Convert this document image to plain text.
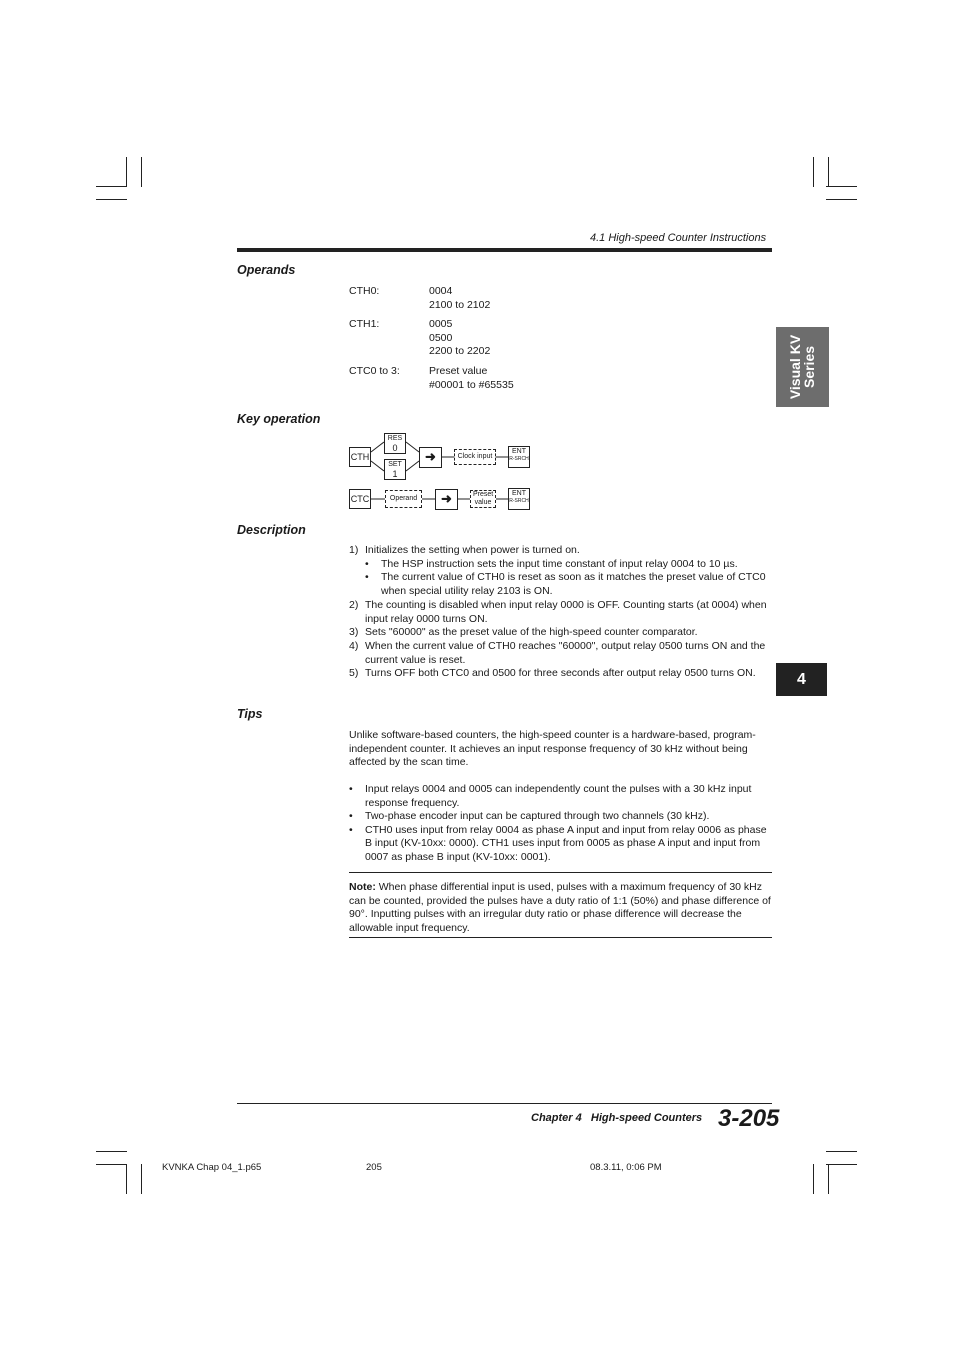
4.1 High-speed Counter Instructions
Operands
CTH0:	0004
2100 to 2102
CTH1:	0005
0500
2200 to 2202
CTC0 to 3:	Preset value
#00001 to #65535
Key operation
CTH
RES
0
SET
1
➜	Clock input
ENT
R-SRCH
CTC	Operand	➜	Preset value
ENT
R-SRCH
Description
1) Initializes the setting when power is turned on.
• The HSP instruction sets the input time constant of input relay 0004 to 10 µs.
• The current value of CTH0 is reset as soon as it matches the preset value of CTC0 when special utility relay 2103 is ON.
2) The counting is disabled when input relay 0000 is OFF. Counting starts (at 0004) when input relay 0000 turns ON.
3) Sets "60000" as the preset value of the high-speed counter comparator.
4) When the current value of CTH0 reaches "60000", output relay 0500 turns ON and the current value is reset.
5) Turns OFF both CTC0 and 0500 for three seconds after output relay 0500 turns ON.
Tips
Unlike software-based counters, the high-speed counter is a hardware-based, program-independent counter. It achieves an input response frequency of 30 kHz without being affected by the scan time.
• Input relays 0004 and 0005 can independently count the pulses with a 30 kHz input response frequency.
• Two-phase encoder input can be captured through two channels (30 kHz).
• CTH0 uses input from relay 0004 as phase A input and input from relay 0006 as phase B input (KV-10xx: 0000). CTH1 uses input from 0005 as phase A input and input from 0007 as phase B input (KV-10xx: 0001).
Note: When phase differential input is used, pulses with a maximum frequency of 30 kHz can be counted, provided the pulses have a duty ratio of 1:1 (50%) and phase difference of 90°. Inputting pulses with an irregular duty ratio or phase difference will decrease the allowable input frequency.
Visual KV
Series
4
Chapter 4 High-speed Counters 3-205
KVNKA Chap 04_1.p65	205	08.3.11, 0:06 PM
